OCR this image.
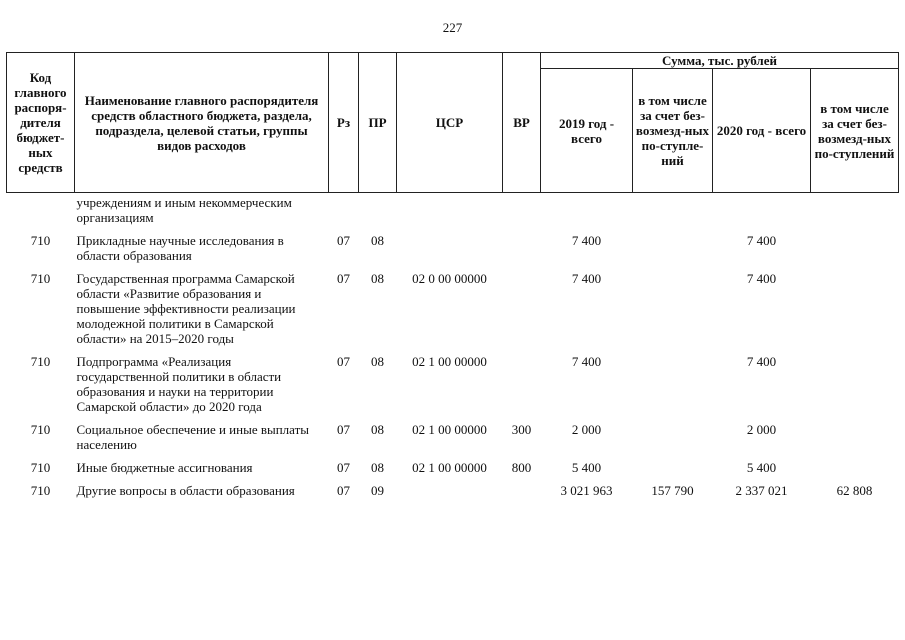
227
Код главного распоря-дителя бюджет-ных средств	Наименование главного распорядителя средств областного бюджета, раздела, подраздела, целевой статьи, группы видов расходов	Рз	ПР	ЦСР	ВР	Сумма, тыс. рублей			
						2019 год - всего	в том числе за счет без-возмезд-ных по-ступле-ний	2020 год - всего	в том числе за счет без-возмезд-ных по-ступлений
	учреждениям и иным некоммерческим организациям								
710	Прикладные научные исследования в области образования	07	08			7 400		7 400	
710	Государственная программа Самарской области «Развитие образования и повышение эффективности реализации молодежной политики в Самарской области» на 2015–2020 годы	07	08	02 0 00 00000		7 400		7 400	
710	Подпрограмма «Реализация государственной политики в области образования и науки на территории Самарской области» до 2020 года	07	08	02 1 00 00000		7 400		7 400	
710	Социальное обеспечение и иные выплаты населению	07	08	02 1 00 00000	300	2 000		2 000	
710	Иные бюджетные ассигнования	07	08	02 1 00 00000	800	5 400		5 400	
710	Другие вопросы в области образования	07	09			3 021 963	157 790	2 337 021	62 808
